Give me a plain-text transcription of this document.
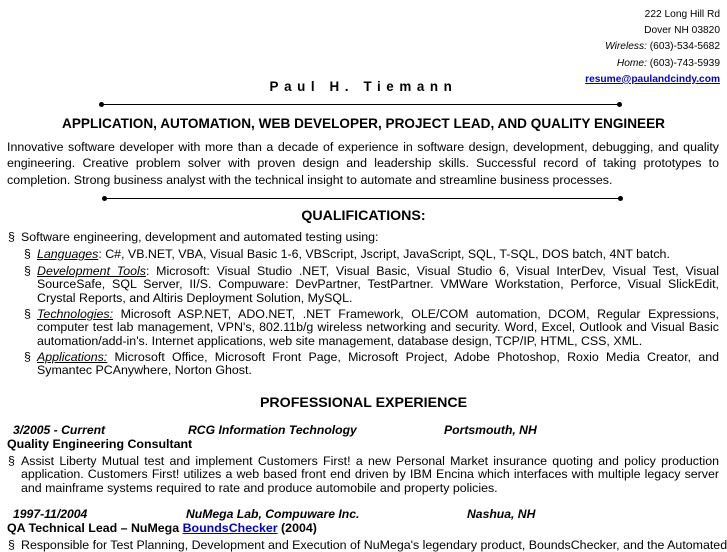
222 Long Hill Rd
Dover NH 03820
Wireless: (603)-534-5682
Home: (603)-743-5939
resume@paulandcindy.com
Paul H. Tiemann
APPLICATION, AUTOMATION, WEB DEVELOPER, PROJECT LEAD, AND QUALITY ENGINEER
Innovative software developer with more than a decade of experience in software design, development, debugging, and quality engineering. Creative problem solver with proven design and leadership skills. Successful record of taking prototypes to completion. Strong business analyst with the technical insight to automate and streamline business processes.
QUALIFICATIONS:
§ Software engineering, development and automated testing using:
§ Languages: C#, VB.NET, VBA, Visual Basic 1-6, VBScript, Jscript, JavaScript, SQL, T-SQL, DOS batch, 4NT batch.
§ Development Tools: Microsoft: Visual Studio .NET, Visual Basic, Visual Studio 6, Visual InterDev, Visual Test, Visual SourceSafe, SQL Server, II/S. Compuware: DevPartner, TestPartner. VMWare Workstation, Perforce, Visual SlickEdit, Crystal Reports, and Altiris Deployment Solution, MySQL.
§ Technologies: Microsoft ASP.NET, ADO.NET, .NET Framework, OLE/COM automation, DCOM, Regular Expressions, computer test lab management, VPN's, 802.11b/g wireless networking and security. Word, Excel, Outlook and Visual Basic automation/add-in's. Internet applications, web site management, database design, TCP/IP, HTML, CSS, XML.
§ Applications: Microsoft Office, Microsoft Front Page, Microsoft Project, Adobe Photoshop, Roxio Media Creator, and Symantec PCAnywhere, Norton Ghost.
PROFESSIONAL EXPERIENCE
3/2005 - Current	RCG Information Technology	Portsmouth, NH
Quality Engineering Consultant
§ Assist Liberty Mutual test and implement Customers First! a new Personal Market insurance quoting and policy production application. Customers First! utilizes a web based front end driven by IBM Encina which interfaces with multiple legacy server and mainframe systems required to rate and produce automobile and property policies.
1997-11/2004	NuMega Lab, Compuware Inc.	Nashua, NH
QA Technical Lead – NuMega BoundsChecker (2004)
§ Responsible for Test Planning, Development and Execution of NuMega's legendary product, BoundsChecker, and the Automated
